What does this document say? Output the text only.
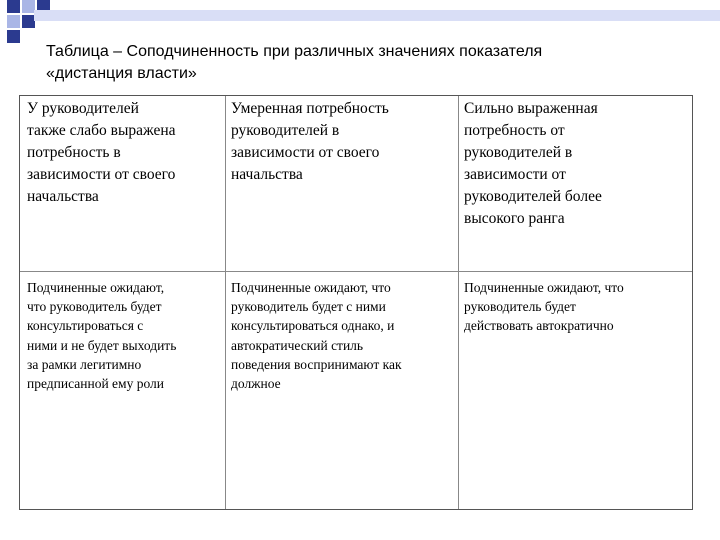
Таблица – Соподчиненность при различных значениях показателя
«дистанция власти»
У руководителей
также слабо выражена
потребность в
зависимости от своего
начальства
Умеренная потребность
руководителей в
зависимости от своего
начальства
Сильно выраженная
потребность от
руководителей в
зависимости от
руководителей более
высокого ранга
Подчиненные ожидают,
что руководитель будет
консультироваться с
ними и не будет выходить
за рамки легитимно
предписанной ему роли
Подчиненные ожидают, что
руководитель будет с ними
консультироваться однако, и
автократический стиль
поведения воспринимают как
должное
Подчиненные ожидают, что
руководитель будет
действовать автократично
